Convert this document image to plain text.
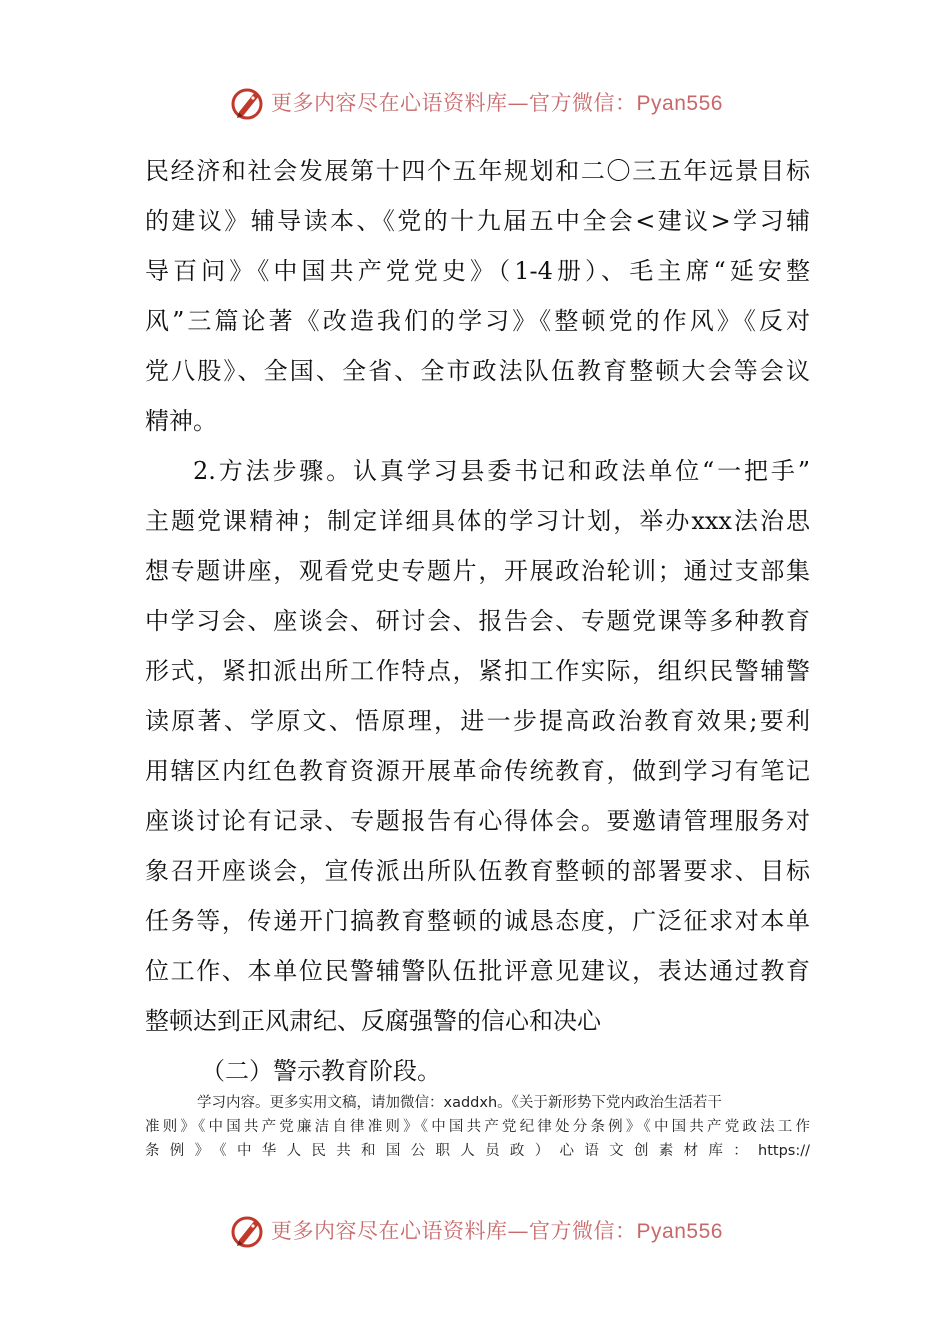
更多内容尽在心语资料库—官方微信：Pyan556
民经济和社会发展第十四个五年规划和二〇三五年远景目标
的建议》辅导读本、《党的十九届五中全会<建议>学习辅
导百问》《中国共产党党史》（1-4册）、毛主席“延安整
风”三篇论著《改造我们的学习》《整顿党的作风》《反对
党八股》、全国、全省、全市政法队伍教育整顿大会等会议
精神。
2.方法步骤。认真学习县委书记和政法单位“一把手”
主题党课精神；制定详细具体的学习计划，举办xxx法治思
想专题讲座，观看党史专题片，开展政治轮训；通过支部集
中学习会、座谈会、研讨会、报告会、专题党课等多种教育
形式，紧扣派出所工作特点，紧扣工作实际，组织民警辅警
读原著、学原文、悟原理，进一步提高政治教育效果;要利
用辖区内红色教育资源开展革命传统教育，做到学习有笔记
座谈讨论有记录、专题报告有心得体会。要邀请管理服务对
象召开座谈会，宣传派出所队伍教育整顿的部署要求、目标
任务等，传递开门搞教育整顿的诚恳态度，广泛征求对本单
位工作、本单位民警辅警队伍批评意见建议，表达通过教育
整顿达到正风肃纪、反腐强警的信心和决心
（二）警示教育阶段。
学习内容。更多实用文稿，请加微信：xaddxh。《关于新形势下党内政治生活若干
准则》《中国共产党廉洁自律准则》《中国共产党纪律处分条例》《中国共产党政法工作
条例》《中华人民共和国公职人员政）心语文创素材库：https://
更多内容尽在心语资料库—官方微信：Pyan556
